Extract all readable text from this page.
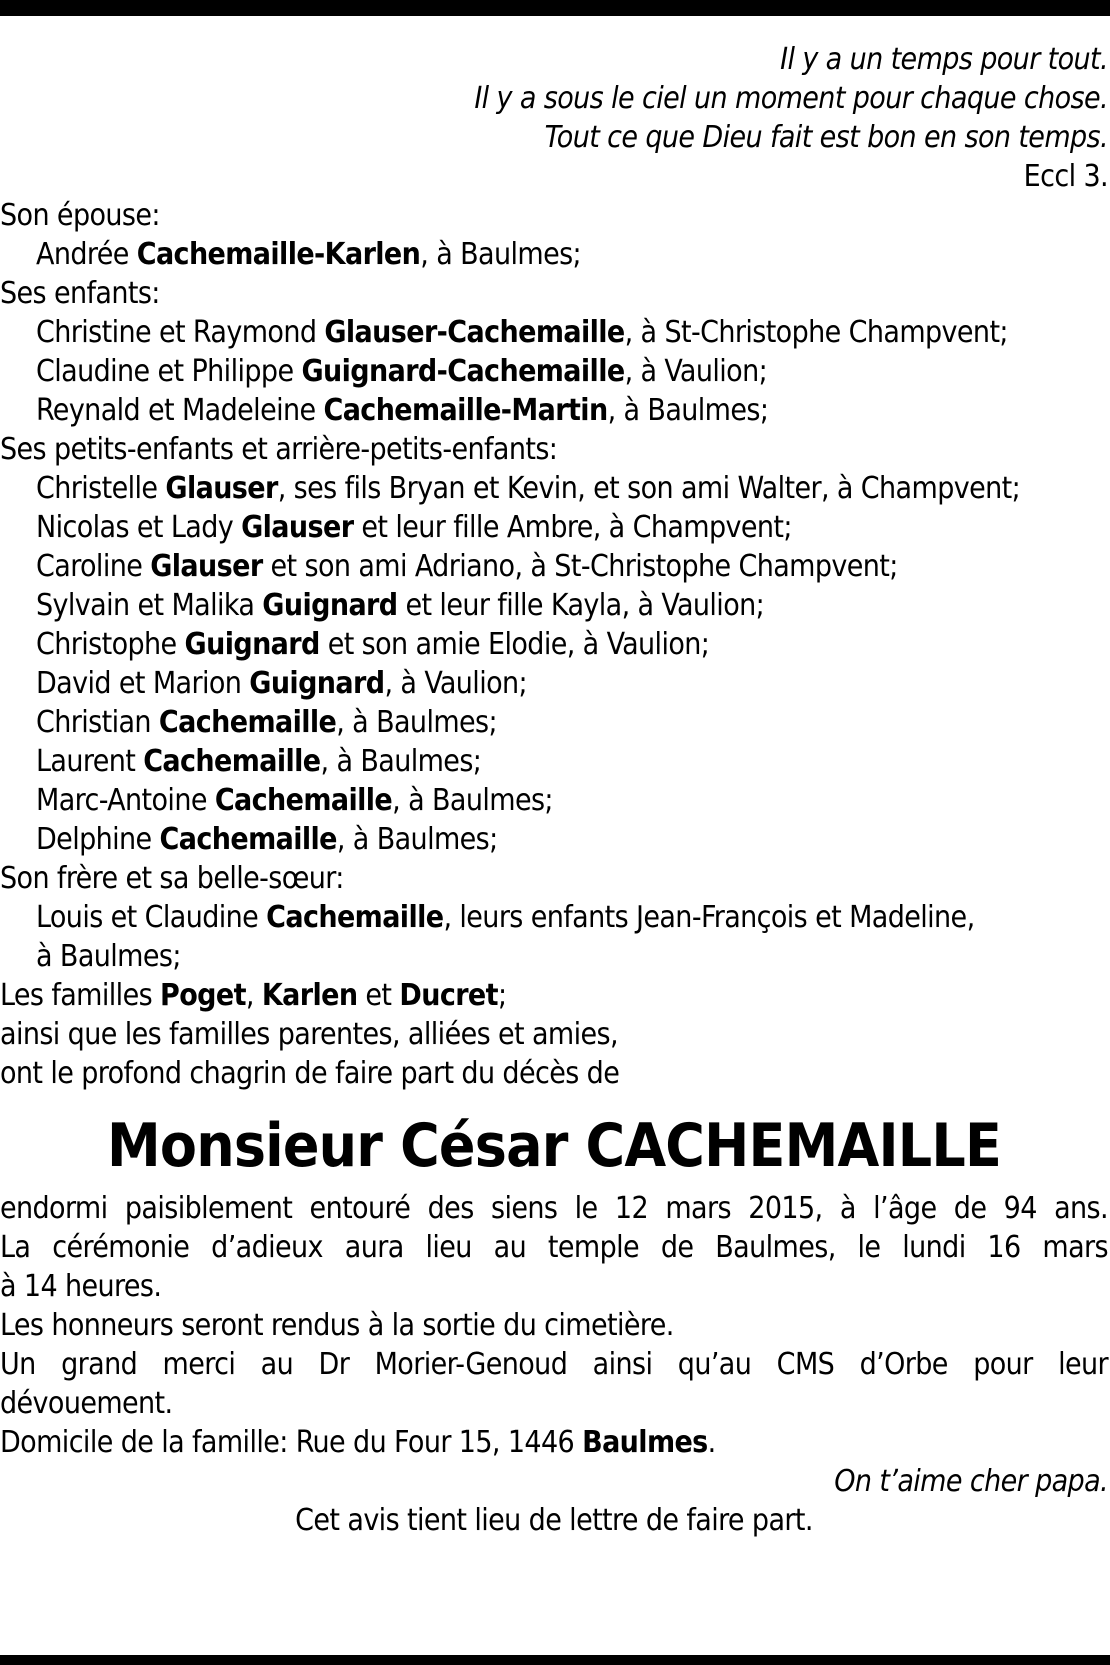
Il y a un temps pour tout.
Il y a sous le ciel un moment pour chaque chose.
Tout ce que Dieu fait est bon en son temps.
Eccl 3.
Son épouse:
Andrée Cachemaille-Karlen, à Baulmes;
Ses enfants:
Christine et Raymond Glauser-Cachemaille, à St-Christophe Champvent;
Claudine et Philippe Guignard-Cachemaille, à Vaulion;
Reynald et Madeleine Cachemaille-Martin, à Baulmes;
Ses petits-enfants et arrière-petits-enfants:
Christelle Glauser, ses fils Bryan et Kevin, et son ami Walter, à Champvent;
Nicolas et Lady Glauser et leur fille Ambre, à Champvent;
Caroline Glauser et son ami Adriano, à St-Christophe Champvent;
Sylvain et Malika Guignard et leur fille Kayla, à Vaulion;
Christophe Guignard et son amie Elodie, à Vaulion;
David et Marion Guignard, à Vaulion;
Christian Cachemaille, à Baulmes;
Laurent Cachemaille, à Baulmes;
Marc-Antoine Cachemaille, à Baulmes;
Delphine Cachemaille, à Baulmes;
Son frère et sa belle-sœur:
Louis et Claudine Cachemaille, leurs enfants Jean-François et Madeline,
à Baulmes;
Les familles Poget, Karlen et Ducret;
ainsi que les familles parentes, alliées et amies,
ont le profond chagrin de faire part du décès de
Monsieur César CACHEMAILLE
endormi paisiblement entouré des siens le 12 mars 2015, à l’âge de 94 ans.
La cérémonie d’adieux aura lieu au temple de Baulmes, le lundi 16 mars
à 14 heures.
Les honneurs seront rendus à la sortie du cimetière.
Un grand merci au Dr Morier-Genoud ainsi qu’au CMS d’Orbe pour leur
dévouement.
Domicile de la famille: Rue du Four 15, 1446 Baulmes.
On t’aime cher papa.
Cet avis tient lieu de lettre de faire part.
